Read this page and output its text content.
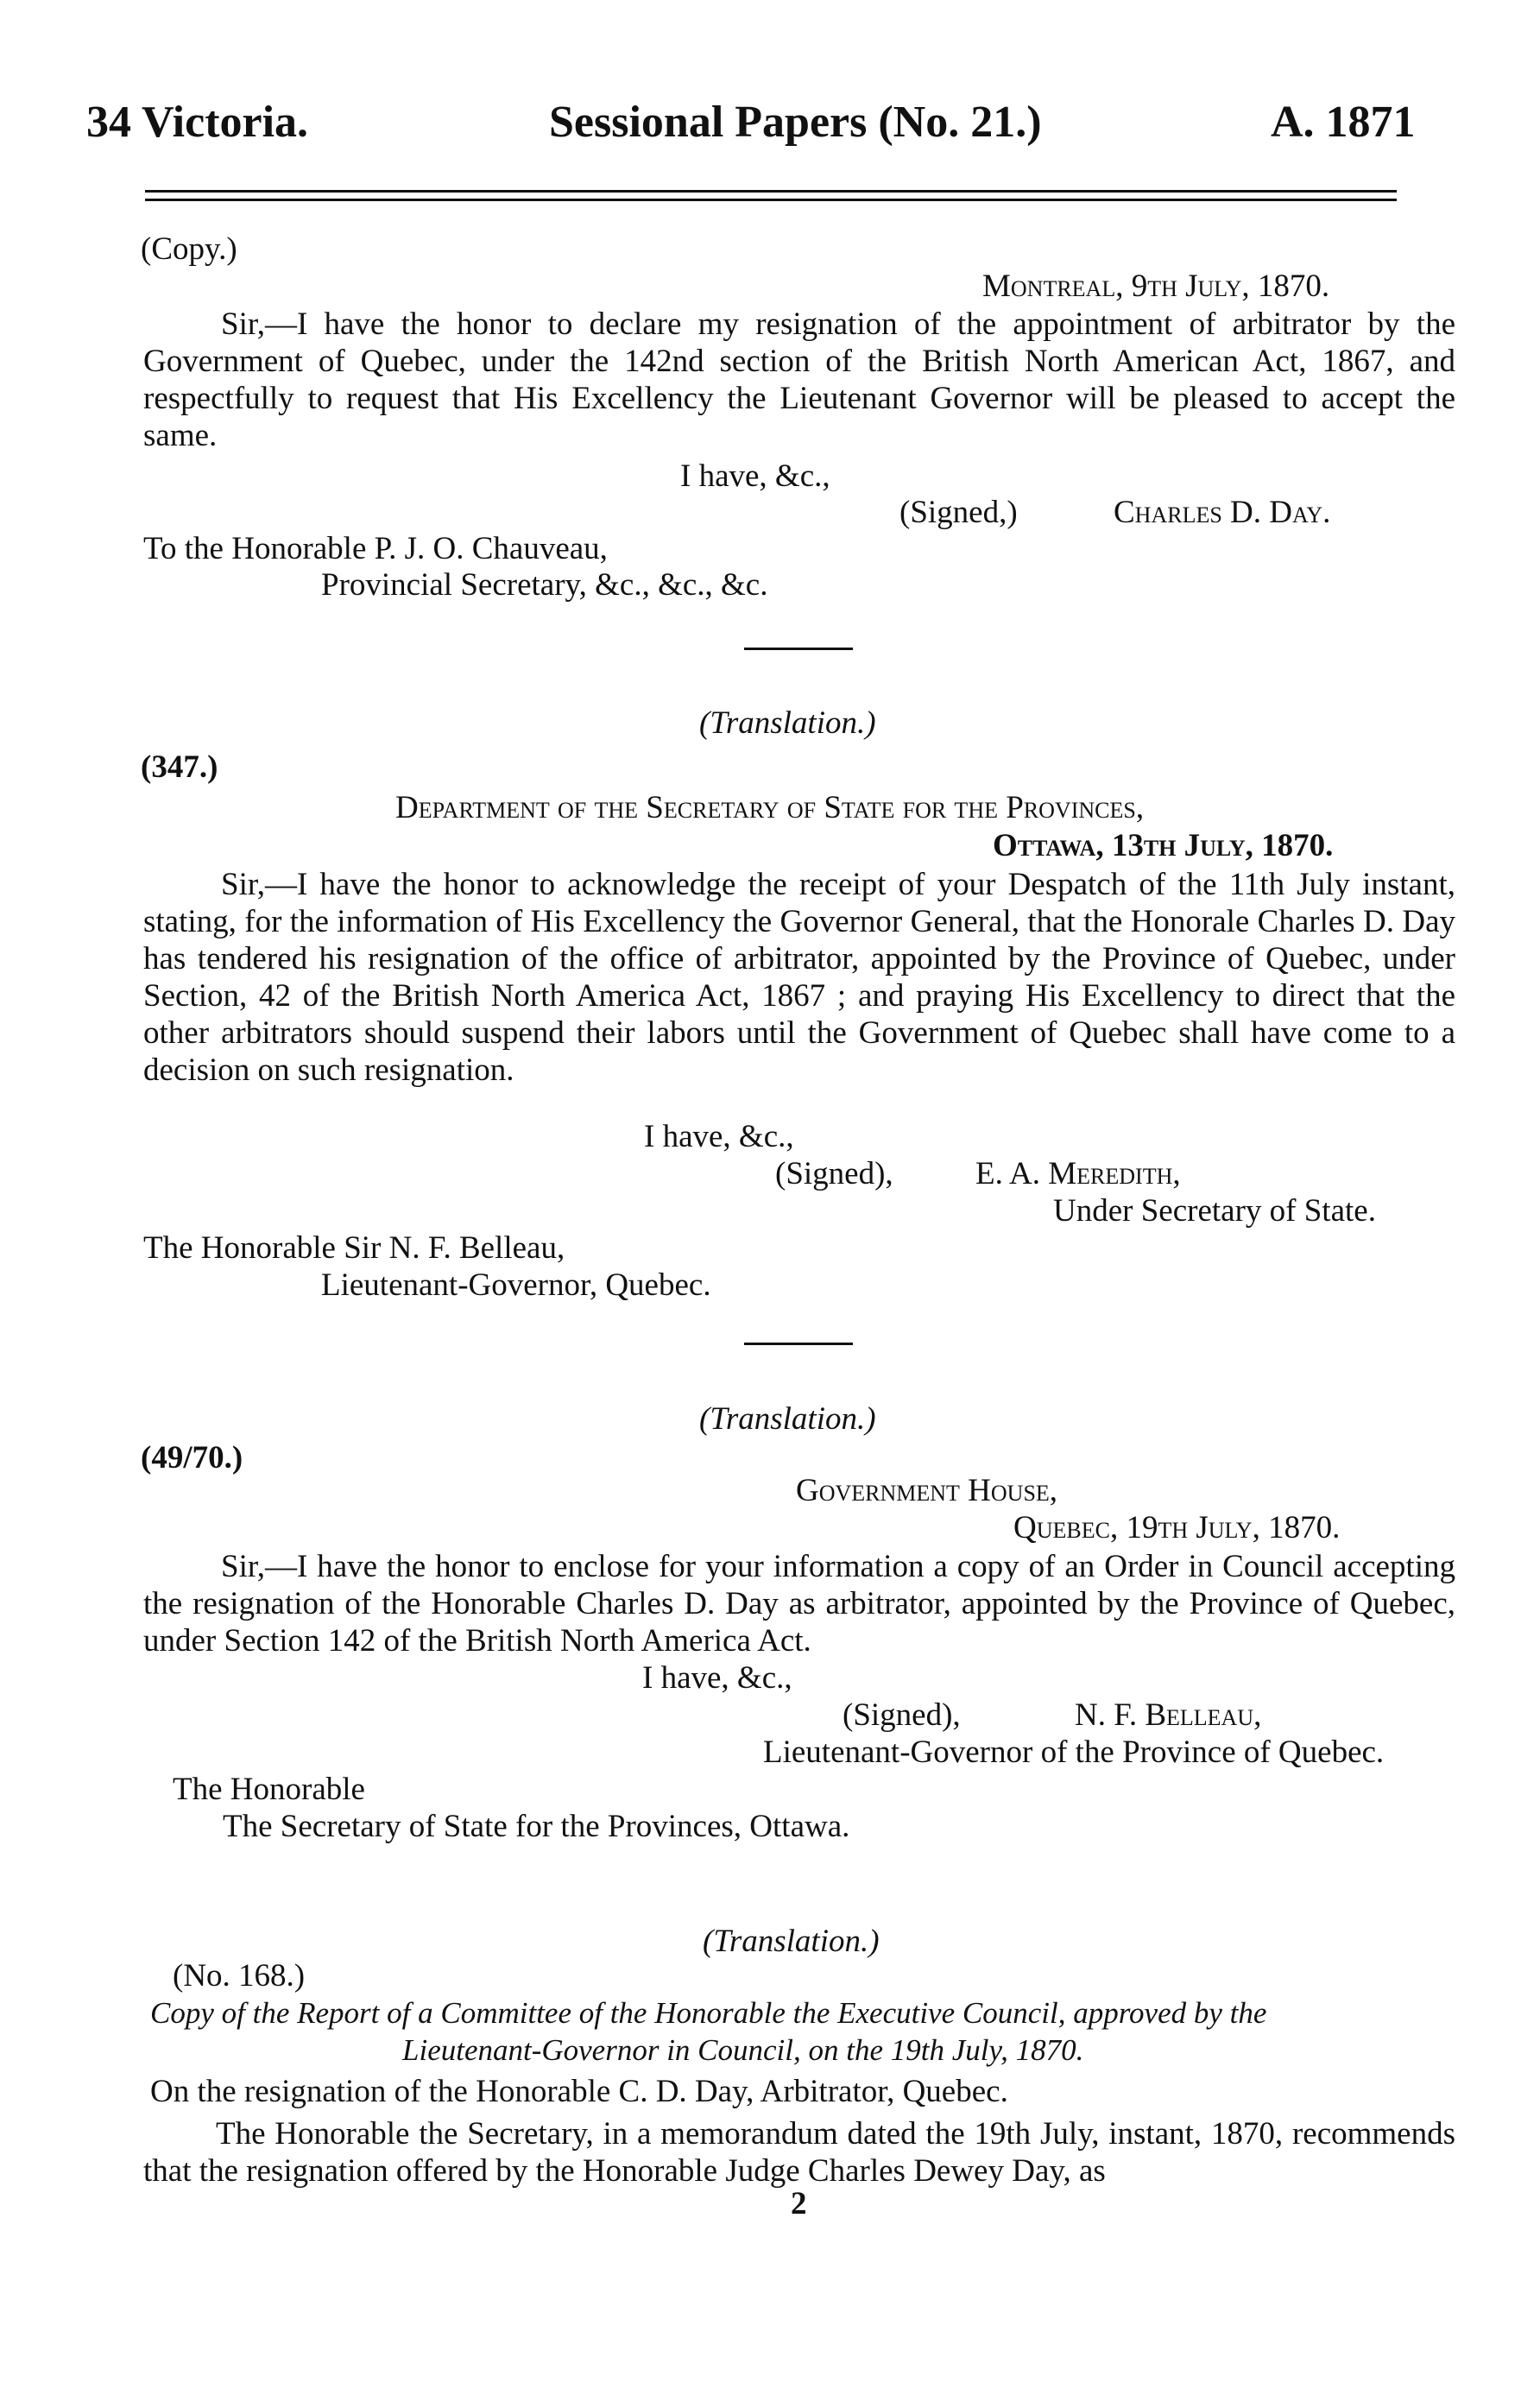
34 Victoria.	Sessional Papers (No. 21.)	A. 1871
(Copy.)
Montreal, 9th July, 1870.
Sir,—I have the honor to declare my resignation of the appointment of arbitrator by the Government of Quebec, under the 142nd section of the British North American Act, 1867, and respectfully to request that His Excellency the Lieutenant Governor will be pleased to accept the same.
I have, &c.,
(Signed,)	Charles D. Day.
To the Honorable P. J. O. Chauveau,
Provincial Secretary, &c., &c., &c.
(Translation.)
(347.)
Department of the Secretary of State for the Provinces,
Ottawa, 13th July, 1870.
Sir,—I have the honor to acknowledge the receipt of your Despatch of the 11th July instant, stating, for the information of His Excellency the Governor General, that the Honorale Charles D. Day has tendered his resignation of the office of arbitrator, appointed by the Province of Quebec, under Section, 42 of the British North America Act, 1867 ; and praying His Excellency to direct that the other arbitrators should suspend their labors until the Government of Quebec shall have come to a decision on such resignation.
I have, &c.,
(Signed),	E. A. Meredith,
Under Secretary of State.
The Honorable Sir N. F. Belleau,
Lieutenant-Governor, Quebec.
(Translation.)
(49/70.)
Government House,
Quebec, 19th July, 1870.
Sir,—I have the honor to enclose for your information a copy of an Order in Council accepting the resignation of the Honorable Charles D. Day as arbitrator, appointed by the Province of Quebec, under Section 142 of the British North America Act.
I have, &c.,
(Signed),	N. F. Belleau,
Lieutenant-Governor of the Province of Quebec.
The Honorable
The Secretary of State for the Provinces, Ottawa.
(Translation.)
(No. 168.)
Copy of the Report of a Committee of the Honorable the Executive Council, approved by the
Lieutenant-Governor in Council, on the 19th July, 1870.
On the resignation of the Honorable C. D. Day, Arbitrator, Quebec.
The Honorable the Secretary, in a memorandum dated the 19th July, instant, 1870, recommends that the resignation offered by the Honorable Judge Charles Dewey Day, as
2
